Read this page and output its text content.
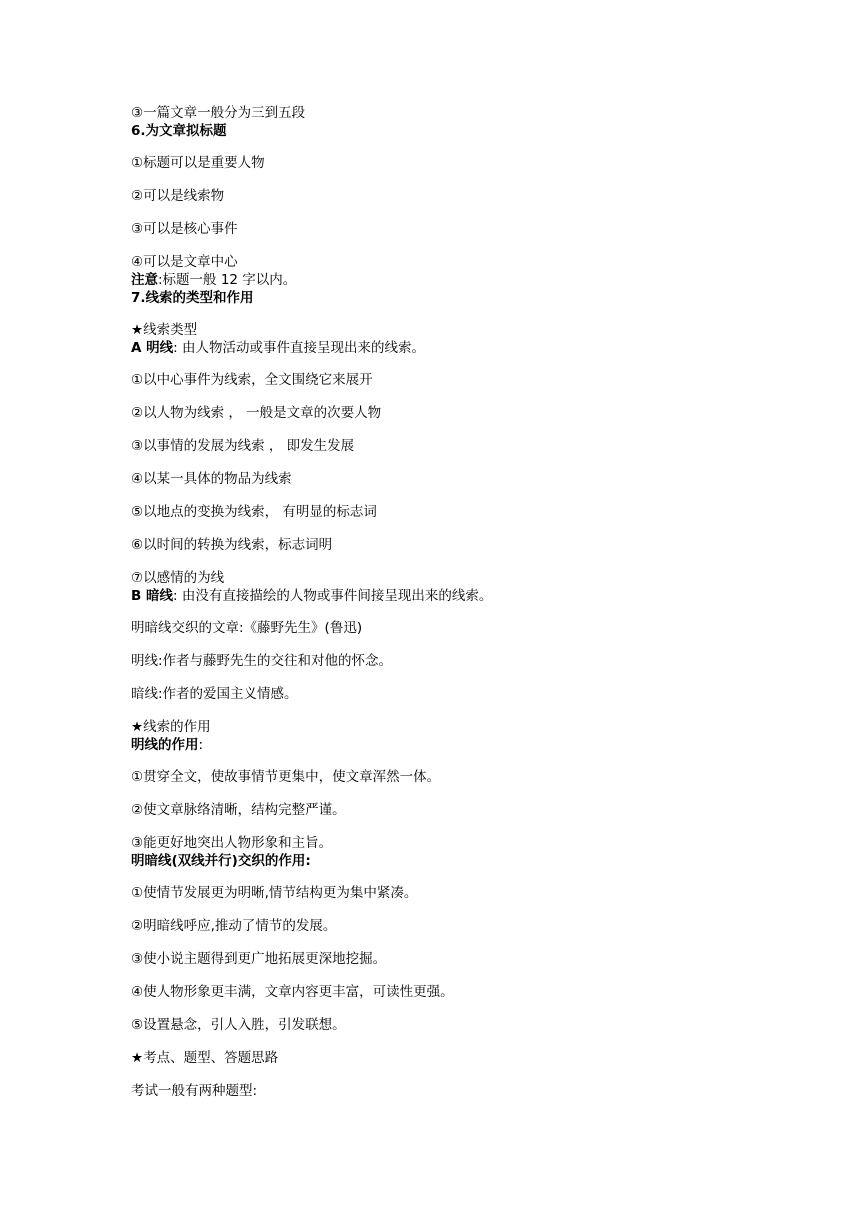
③一篇文章一般分为三到五段
6.为文章拟标题
①标题可以是重要人物
②可以是线索物
③可以是核心事件
④可以是文章中心
注意:标题一般 12 字以内。
7.线索的类型和作用
★线索类型
A 明线: 由人物活动或事件直接呈现出来的线索。
①以中心事件为线索，全文围绕它来展开
②以人物为线索 ， 一般是文章的次要人物
③以事情的发展为线索 ， 即发生发展
④以某一具体的物品为线索
⑤以地点的变换为线索， 有明显的标志词
⑥以时间的转换为线索，标志词明
⑦以感情的为线
B 暗线: 由没有直接描绘的人物或事件间接呈现出来的线索。
明暗线交织的文章:《藤野先生》(鲁迅)
明线:作者与藤野先生的交往和对他的怀念。
暗线:作者的爱国主义情感。
★线索的作用
明线的作用:
①贯穿全文，使故事情节更集中，使文章浑然一体。
②使文章脉络清晰，结构完整严谨。
③能更好地突出人物形象和主旨。
明暗线(双线并行)交织的作用:
①使情节发展更为明晰,情节结构更为集中紧凑。
②明暗线呼应,推动了情节的发展。
③使小说主题得到更广地拓展更深地挖掘。
④使人物形象更丰满，文章内容更丰富，可读性更强。
⑤设置悬念，引人入胜，引发联想。
★考点、题型、答题思路
考试一般有两种题型:
